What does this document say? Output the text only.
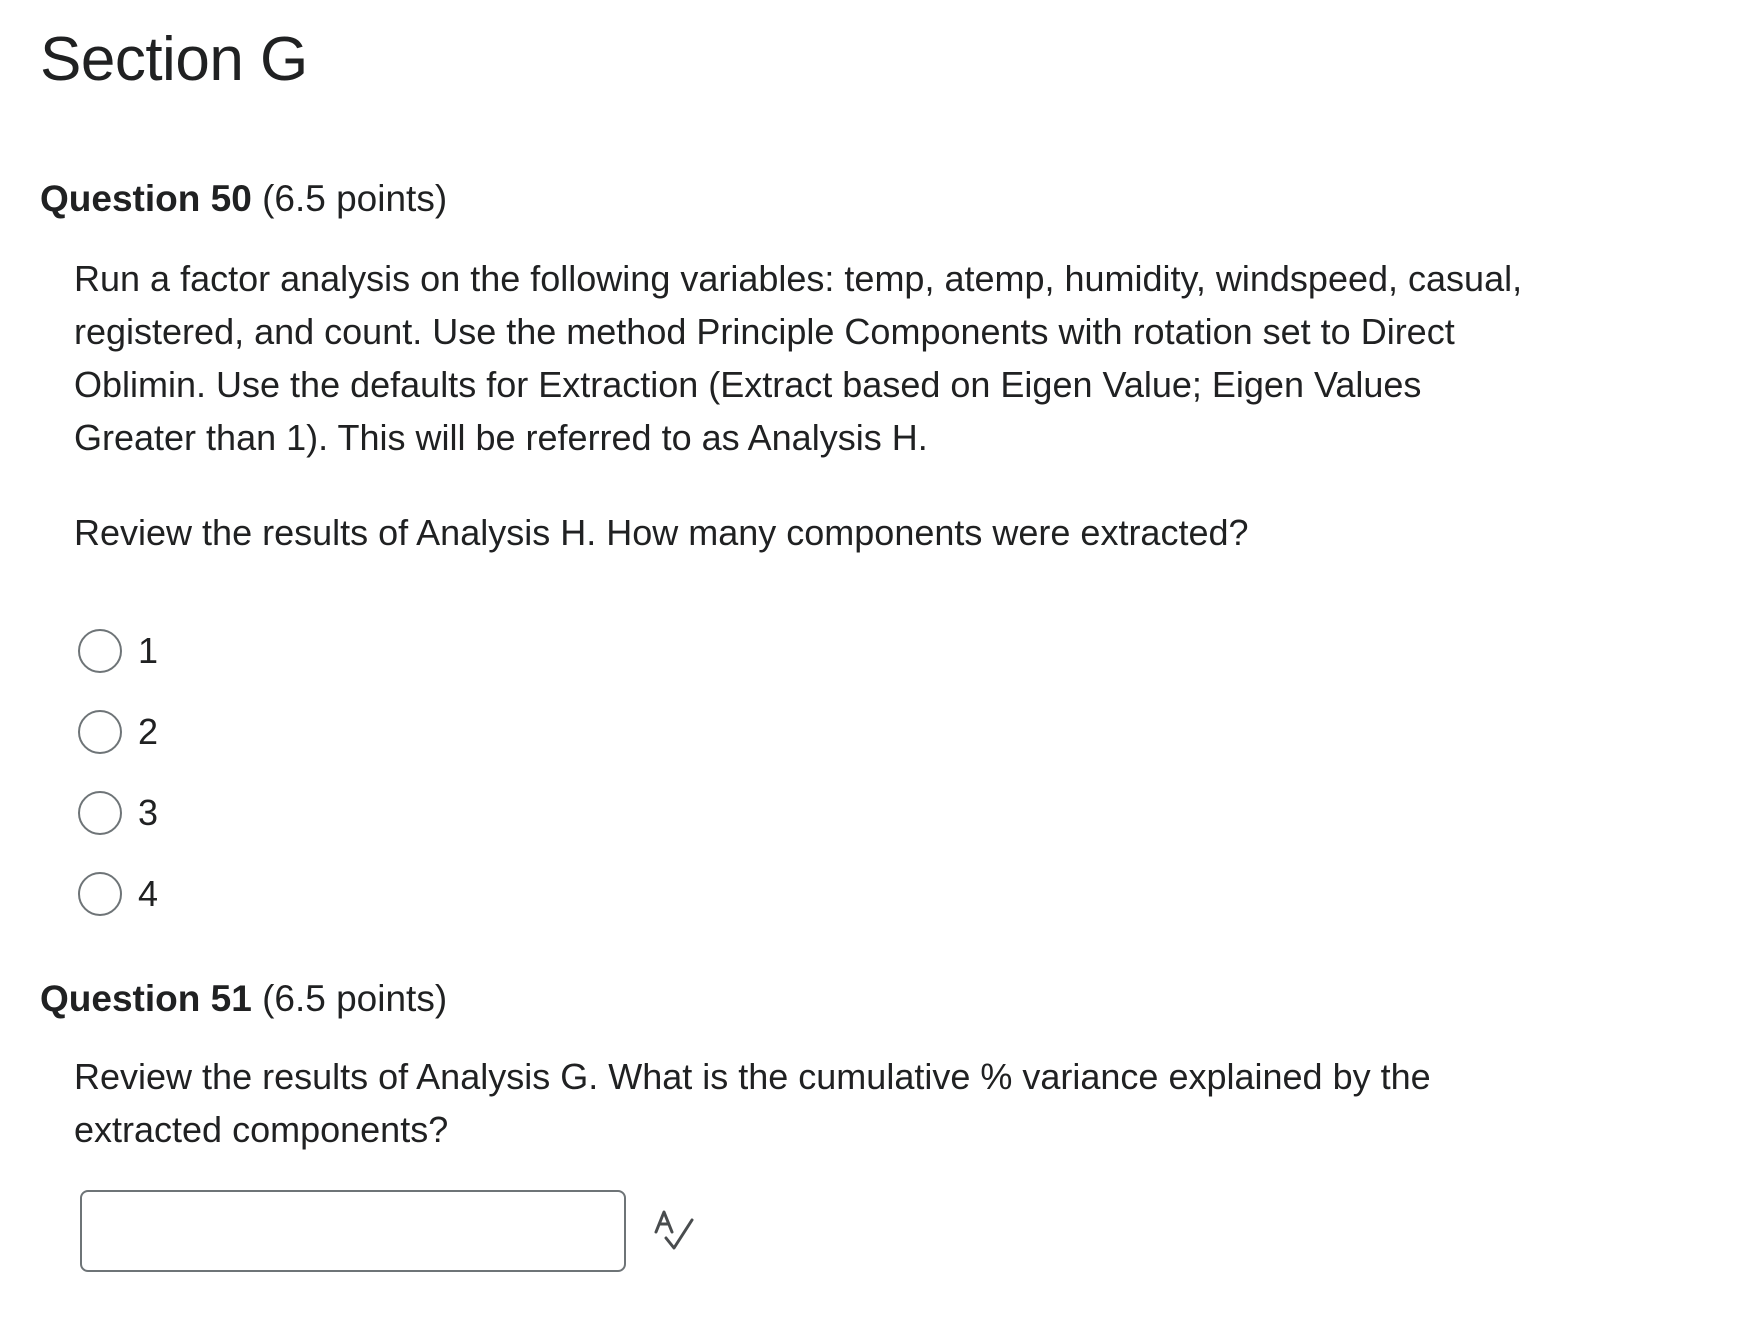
Section G
Question 50 (6.5 points)

Run a factor analysis on the following variables: temp, atemp, humidity, windspeed, casual, registered, and count. Use the method Principle Components with rotation set to Direct Oblimin. Use the defaults for Extraction (Extract based on Eigen Value; Eigen Values Greater than 1). This will be referred to as Analysis H.

Review the results of Analysis H. How many components were extracted?

1
2
3
4
Question 51 (6.5 points)

Review the results of Analysis G. What is the cumulative % variance explained by the extracted components?
